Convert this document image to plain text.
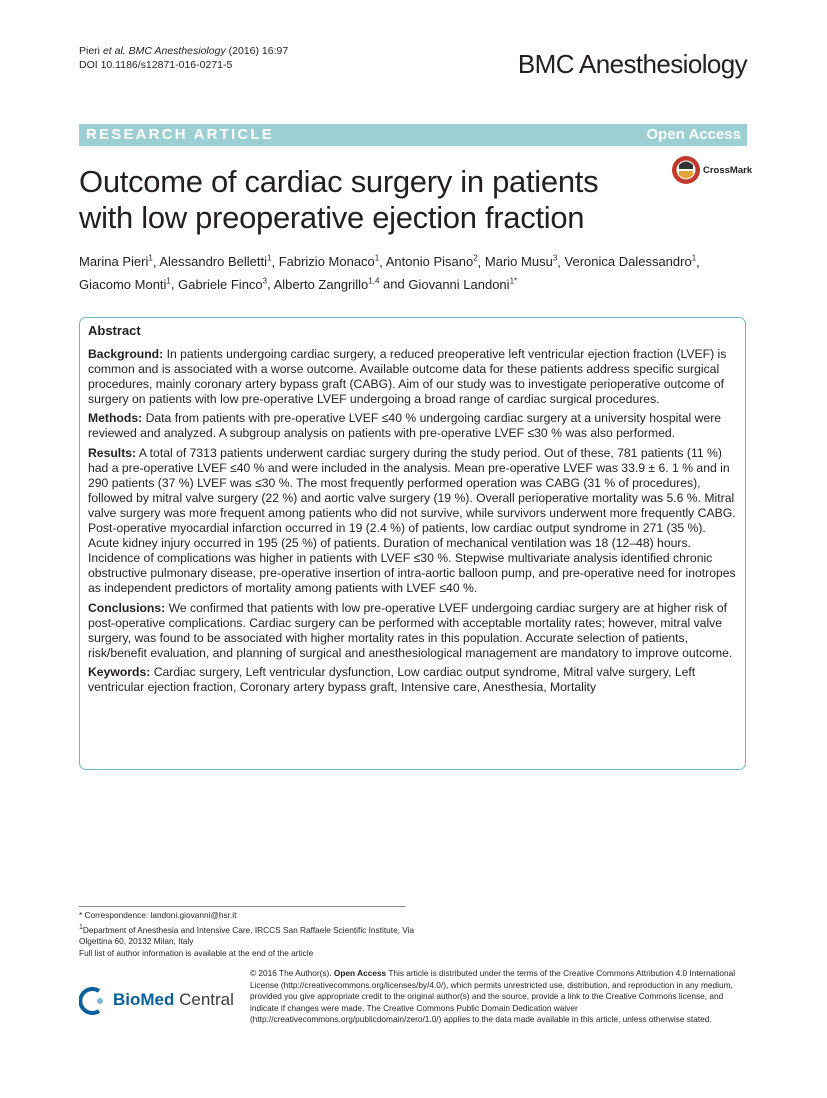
Pieri et al. BMC Anesthesiology (2016) 16:97
DOI 10.1186/s12871-016-0271-5	BMC Anesthesiology
RESEARCH ARTICLE	Open Access
Outcome of cardiac surgery in patients with low preoperative ejection fraction
CrossMark
Marina Pieri$^1$, Alessandro Belletti$^1$, Fabrizio Monaco$^1$, Antonio Pisano$^2$, Mario Musu$^3$, Veronica Dalessandro$^1$, Giacomo Monti$^1$, Gabriele Finco$^3$, Alberto Zangrillo$^{1,4}$ and Giovanni Landoni$^{1*}$
Abstract

Background: In patients undergoing cardiac surgery, a reduced preoperative left ventricular ejection fraction (LVEF) is common and is associated with a worse outcome. Available outcome data for these patients address specific surgical procedures, mainly coronary artery bypass graft (CABG). Aim of our study was to investigate perioperative outcome of surgery on patients with low pre-operative LVEF undergoing a broad range of cardiac surgical procedures.

Methods: Data from patients with pre-operative LVEF ≤40 % undergoing cardiac surgery at a university hospital were reviewed and analyzed. A subgroup analysis on patients with pre-operative LVEF ≤30 % was also performed.

Results: A total of 7313 patients underwent cardiac surgery during the study period. Out of these, 781 patients (11 %) had a pre-operative LVEF ≤40 % and were included in the analysis. Mean pre-operative LVEF was 33.9 ± 6. 1 % and in 290 patients (37 %) LVEF was ≤30 %. The most frequently performed operation was CABG (31 % of procedures), followed by mitral valve surgery (22 %) and aortic valve surgery (19 %). Overall perioperative mortality was 5.6 %. Mitral valve surgery was more frequent among patients who did not survive, while survivors underwent more frequently CABG. Post-operative myocardial infarction occurred in 19 (2.4 %) of patients, low cardiac output syndrome in 271 (35 %). Acute kidney injury occurred in 195 (25 %) of patients. Duration of mechanical ventilation was 18 (12–48) hours. Incidence of complications was higher in patients with LVEF ≤30 %. Stepwise multivariate analysis identified chronic obstructive pulmonary disease, pre-operative insertion of intra-aortic balloon pump, and pre-operative need for inotropes as independent predictors of mortality among patients with LVEF ≤40 %.

Conclusions: We confirmed that patients with low pre-operative LVEF undergoing cardiac surgery are at higher risk of post-operative complications. Cardiac surgery can be performed with acceptable mortality rates; however, mitral valve surgery, was found to be associated with higher mortality rates in this population. Accurate selection of patients, risk/benefit evaluation, and planning of surgical and anesthesiological management are mandatory to improve outcome.

Keywords: Cardiac surgery, Left ventricular dysfunction, Low cardiac output syndrome, Mitral valve surgery, Left ventricular ejection fraction, Coronary artery bypass graft, Intensive care, Anesthesia, Mortality

* Correspondence: landoni.giovanni@hsr.it
$^1$Department of Anesthesia and Intensive Care, IRCCS San Raffaele Scientific Institute, Via Olgettina 60, 20132 Milan, Italy
Full list of author information is available at the end of the article
BioMed Central
© 2016 The Author(s). Open Access This article is distributed under the terms of the Creative Commons Attribution 4.0 International License (http://creativecommons.org/licenses/by/4.0/), which permits unrestricted use, distribution, and reproduction in any medium, provided you give appropriate credit to the original author(s) and the source, provide a link to the Creative Commons license, and indicate if changes were made. The Creative Commons Public Domain Dedication waiver (http://creativecommons.org/publicdomain/zero/1.0/) applies to the data made available in this article, unless otherwise stated.
